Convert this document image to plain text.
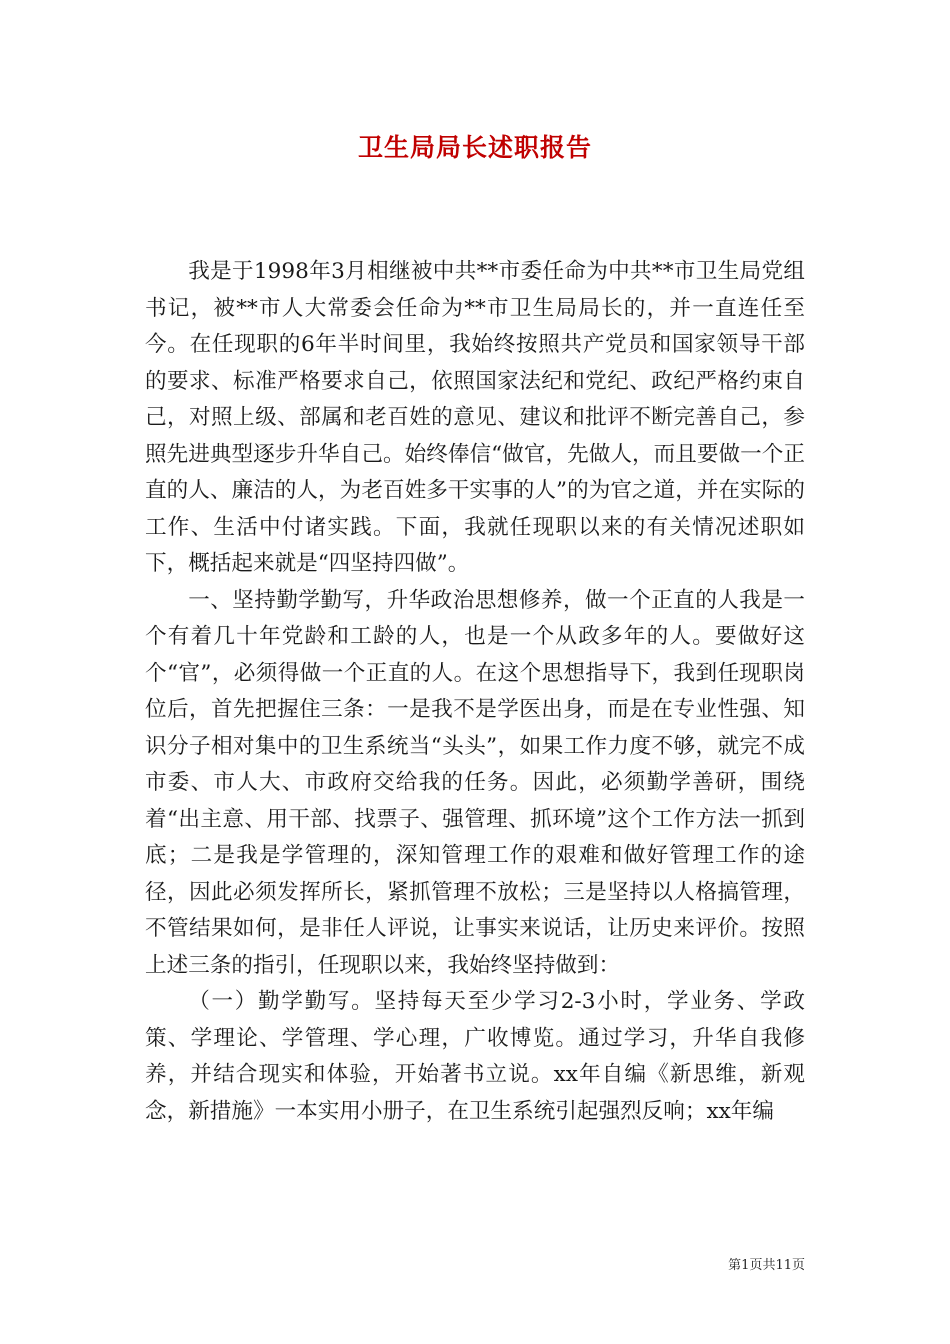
卫生局局长述职报告

我是于1998年3月相继被中共**市委任命为中共**市卫生局党组书记，被**市人大常委会任命为**市卫生局局长的，并一直连任至今。在任现职的6年半时间里，我始终按照共产党员和国家领导干部的要求、标准严格要求自己，依照国家法纪和党纪、政纪严格约束自己，对照上级、部属和老百姓的意见、建议和批评不断完善自己，参照先进典型逐步升华自己。始终俸信“做官，先做人，而且要做一个正直的人、廉洁的人，为老百姓多干实事的人”的为官之道，并在实际的工作、生活中付诸实践。下面，我就任现职以来的有关情况述职如下，概括起来就是“四坚持四做”。

一、坚持勤学勤写，升华政治思想修养，做一个正直的人我是一个有着几十年党龄和工龄的人，也是一个从政多年的人。要做好这个“官”，必须得做一个正直的人。在这个思想指导下，我到任现职岗位后，首先把握住三条：一是我不是学医出身，而是在专业性强、知识分子相对集中的卫生系统当“头头”，如果工作力度不够，就完不成市委、市人大、市政府交给我的任务。因此，必须勤学善研，围绕着“出主意、用干部、找票子、强管理、抓环境”这个工作方法一抓到底；二是我是学管理的，深知管理工作的艰难和做好管理工作的途径，因此必须发挥所长，紧抓管理不放松；三是坚持以人格搞管理，不管结果如何，是非任人评说，让事实来说话，让历史来评价。按照上述三条的指引，任现职以来，我始终坚持做到：

（一）勤学勤写。坚持每天至少学习2-3小时，学业务、学政策、学理论、学管理、学心理，广收博览。通过学习，升华自我修养，并结合现实和体验，开始著书立说。xx年自编《新思维，新观念，新措施》一本实用小册子，在卫生系统引起强烈反响；xx年编

第1页共11页
